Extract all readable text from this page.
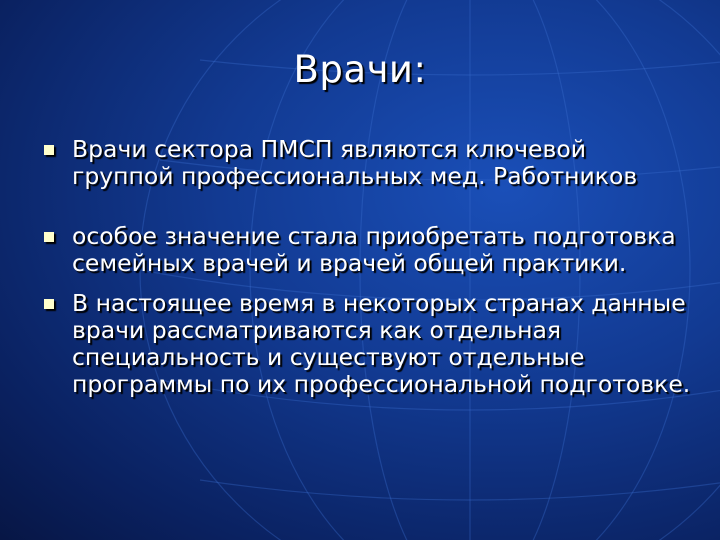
Врачи:
Врачи сектора ПМСП являются ключевой группой профессиональных мед. Работников
особое значение стала приобретать подготовка семейных врачей и врачей общей практики.
В настоящее время в некоторых странах данные врачи рассматриваются как отдельная специальность и существуют отдельные программы по их профессиональной подготовке.
